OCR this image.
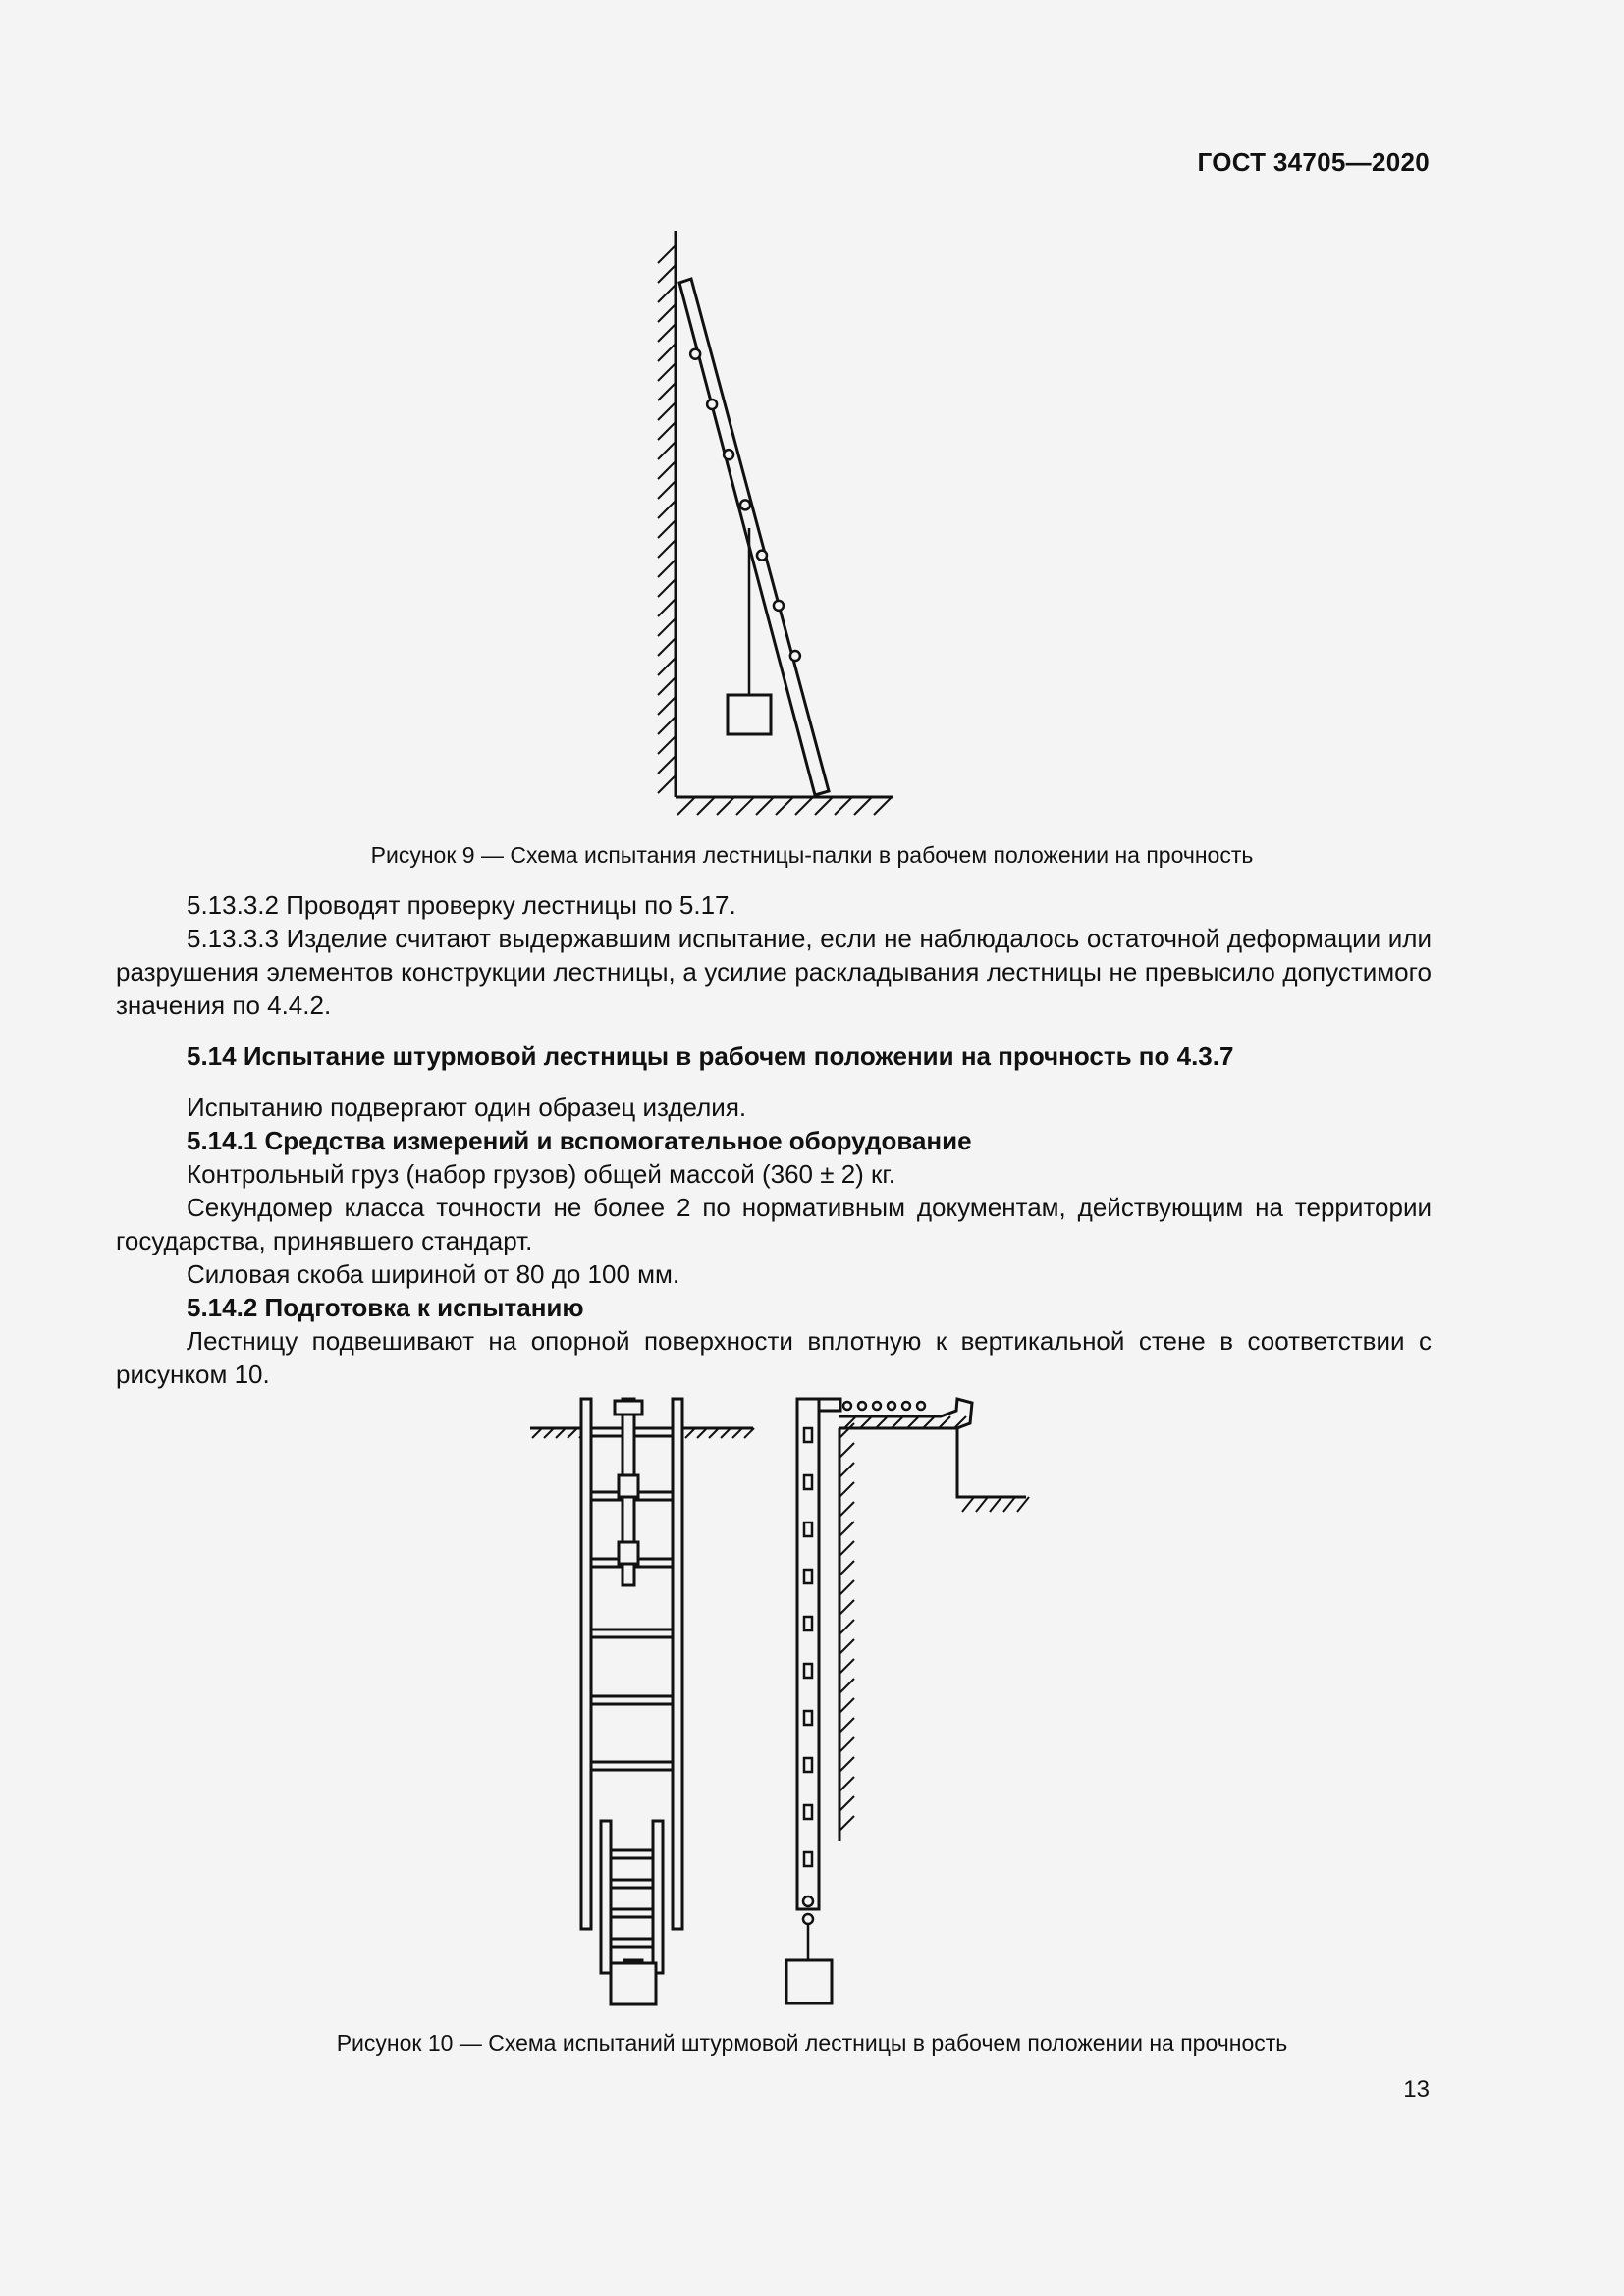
ГОСТ 34705—2020
Рисунок 9 — Схема испытания лестницы-палки в рабочем положении на прочность

5.13.3.2 Проводят проверку лестницы по 5.17.

5.13.3.3 Изделие считают выдержавшим испытание, если не наблюдалось остаточной деформации или разрушения элементов конструкции лестницы, а усилие раскладывания лестницы не превысило допустимого значения по 4.4.2.

5.14 Испытание штурмовой лестницы в рабочем положении на прочность по 4.3.7

Испытанию подвергают один образец изделия.

5.14.1 Средства измерений и вспомогательное оборудование

Контрольный груз (набор грузов) общей массой (360 ± 2) кг.

Секундомер класса точности не более 2 по нормативным документам, действующим на территории государства, принявшего стандарт.

Силовая скоба шириной от 80 до 100 мм.

5.14.2 Подготовка к испытанию

Лестницу подвешивают на опорной поверхности вплотную к вертикальной стене в соответствии с рисунком 10.

Рисунок 10 — Схема испытаний штурмовой лестницы в рабочем положении на прочность
13
